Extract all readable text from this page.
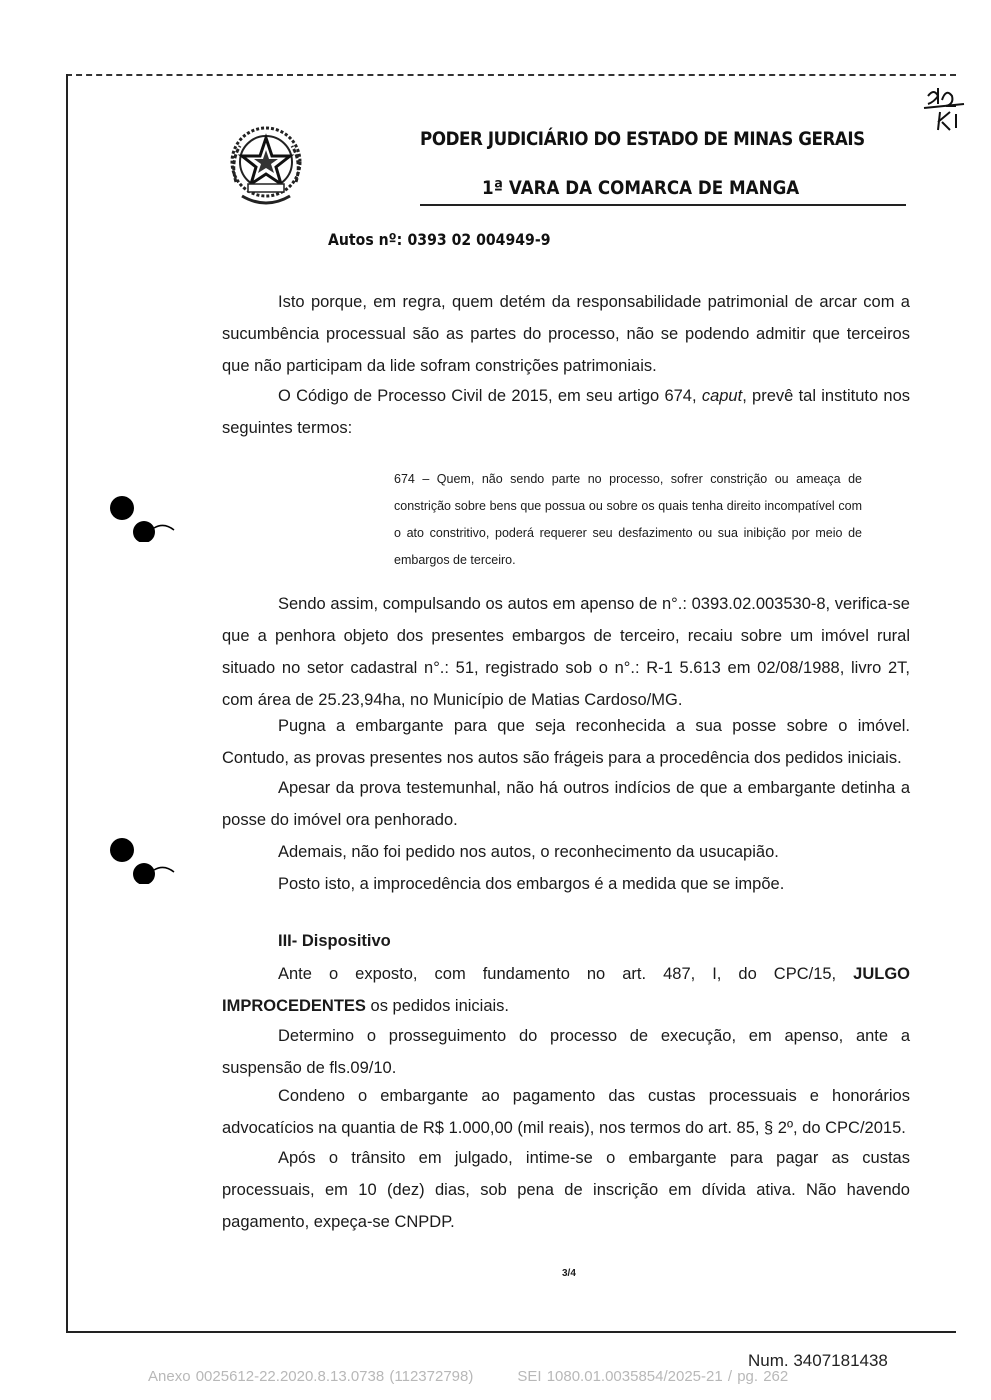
PODER JUDICIÁRIO DO ESTADO DE MINAS GERAIS
1ª VARA DA COMARCA DE MANGA
Autos nº: 0393 02 004949-9

Isto porque, em regra, quem detém da responsabilidade patrimonial de arcar com a sucumbência processual são as partes do processo, não se podendo admitir que terceiros que não participam da lide sofram constrições patrimoniais.

O Código de Processo Civil de 2015, em seu artigo 674, caput, prevê tal instituto nos seguintes termos:

674 – Quem, não sendo parte no processo, sofrer constrição ou ameaça de constrição sobre bens que possua ou sobre os quais tenha direito incompatível com o ato constritivo, poderá requerer seu desfazimento ou sua inibição por meio de embargos de terceiro.

Sendo assim, compulsando os autos em apenso de n°.: 0393.02.003530-8, verifica-se que a penhora objeto dos presentes embargos de terceiro, recaiu sobre um imóvel rural situado no setor cadastral n°.: 51, registrado sob o n°.: R-1 5.613 em 02/08/1988, livro 2T, com área de 25.23,94ha, no Município de Matias Cardoso/MG.

Pugna a embargante para que seja reconhecida a sua posse sobre o imóvel. Contudo, as provas presentes nos autos são frágeis para a procedência dos pedidos iniciais.

Apesar da prova testemunhal, não há outros indícios de que a embargante detinha a posse do imóvel ora penhorado.

Ademais, não foi pedido nos autos, o reconhecimento da usucapião.

Posto isto, a improcedência dos embargos é a medida que se impõe.

III- Dispositivo

Ante o exposto, com fundamento no art. 487, I, do CPC/15, JULGO IMPROCEDENTES os pedidos iniciais.

Determino o prosseguimento do processo de execução, em apenso, ante a suspensão de fls.09/10.

Condeno o embargante ao pagamento das custas processuais e honorários advocatícios na quantia de R$ 1.000,00 (mil reais), nos termos do art. 85, § 2º, do CPC/2015.

Após o trânsito em julgado, intime-se o embargante para pagar as custas processuais, em 10 (dez) dias, sob pena de inscrição em dívida ativa. Não havendo pagamento, expeça-se CNPDP.

3/4
Num. 3407181438
Anexo 0025612-22.2020.8.13.0738 (112372798)	SEI 1080.01.0035854/2025-21 / pg. 262
